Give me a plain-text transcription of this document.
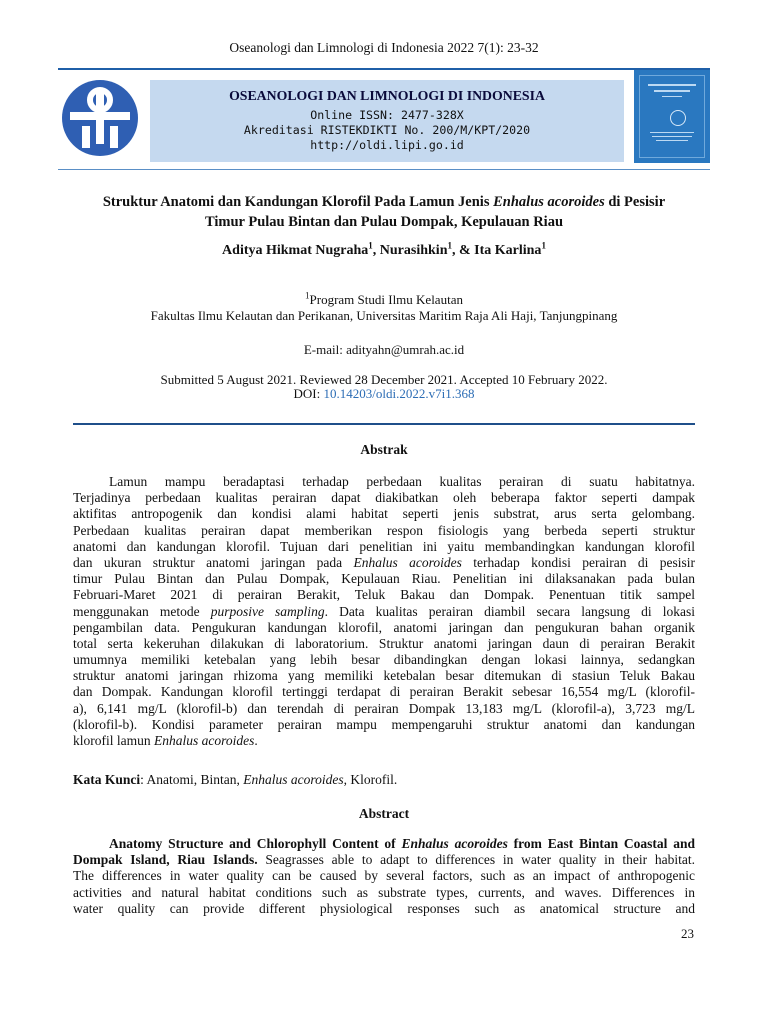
Oseanologi dan Limnologi di Indonesia 2022 7(1): 23-32
OSEANOLOGI DAN LIMNOLOGI DI INDONESIA
Online ISSN: 2477-328X
Akreditasi RISTEKDIKTI No. 200/M/KPT/2020
http://oldi.lipi.go.id
Struktur Anatomi dan Kandungan Klorofil Pada Lamun Jenis Enhalus acoroides di Pesisir
Timur Pulau Bintan dan Pulau Dompak, Kepulauan Riau
Aditya Hikmat Nugraha$^1$, Nurasihkin$^1$, & Ita Karlina$^1$
$^1$Program Studi Ilmu Kelautan
Fakultas Ilmu Kelautan dan Perikanan, Universitas Maritim Raja Ali Haji, Tanjungpinang
E-mail: adityahn@umrah.ac.id
Submitted 5 August 2021. Reviewed 28 December 2021. Accepted 10 February 2022.
DOI: 10.14203/oldi.2022.v7i1.368
Abstrak
Lamun mampu beradaptasi terhadap perbedaan kualitas perairan di suatu habitatnya.
Terjadinya perbedaan kualitas perairan dapat diakibatkan oleh beberapa faktor seperti dampak
aktifitas antropogenik dan kondisi alami habitat seperti jenis substrat, arus serta gelombang.
Perbedaan kualitas perairan dapat memberikan respon fisiologis yang berbeda seperti struktur
anatomi dan kandungan klorofil. Tujuan dari penelitian ini yaitu membandingkan kandungan klorofil
dan ukuran struktur anatomi jaringan pada Enhalus acoroides terhadap kondisi perairan di pesisir
timur Pulau Bintan dan Pulau Dompak, Kepulauan Riau. Penelitian ini dilaksanakan pada bulan
Februari-Maret 2021 di perairan Berakit, Teluk Bakau dan Dompak. Penentuan titik sampel
menggunakan metode purposive sampling. Data kualitas perairan diambil secara langsung di lokasi
pengambilan data. Pengukuran kandungan klorofil, anatomi jaringan dan pengukuran bahan organik
total serta kekeruhan dilakukan di laboratorium. Struktur anatomi jaringan daun di perairan Berakit
umumnya memiliki ketebalan yang lebih besar dibandingkan dengan lokasi lainnya, sedangkan
struktur anatomi jaringan rhizoma yang memiliki ketebalan besar ditemukan di stasiun Teluk Bakau
dan Dompak. Kandungan klorofil tertinggi terdapat di perairan Berakit sebesar 16,554 mg/L (klorofil-
a), 6,141 mg/L (klorofil-b) dan terendah di perairan Dompak 13,183 mg/L (klorofil-a), 3,723 mg/L
(klorofil-b). Kondisi parameter perairan mampu mempengaruhi struktur anatomi dan kandungan
klorofil lamun Enhalus acoroides.
Kata Kunci: Anatomi, Bintan, Enhalus acoroides, Klorofil.
Abstract
Anatomy Structure and Chlorophyll Content of Enhalus acoroides from East Bintan Coastal and
Dompak Island, Riau Islands. Seagrasses able to adapt to differences in water quality in their habitat.
The differences in water quality can be caused by several factors, such as an impact of anthropogenic
activities and natural habitat conditions such as substrate types, currents, and waves. Differences in
water quality can provide different physiological responses such as anatomical structure and
23
